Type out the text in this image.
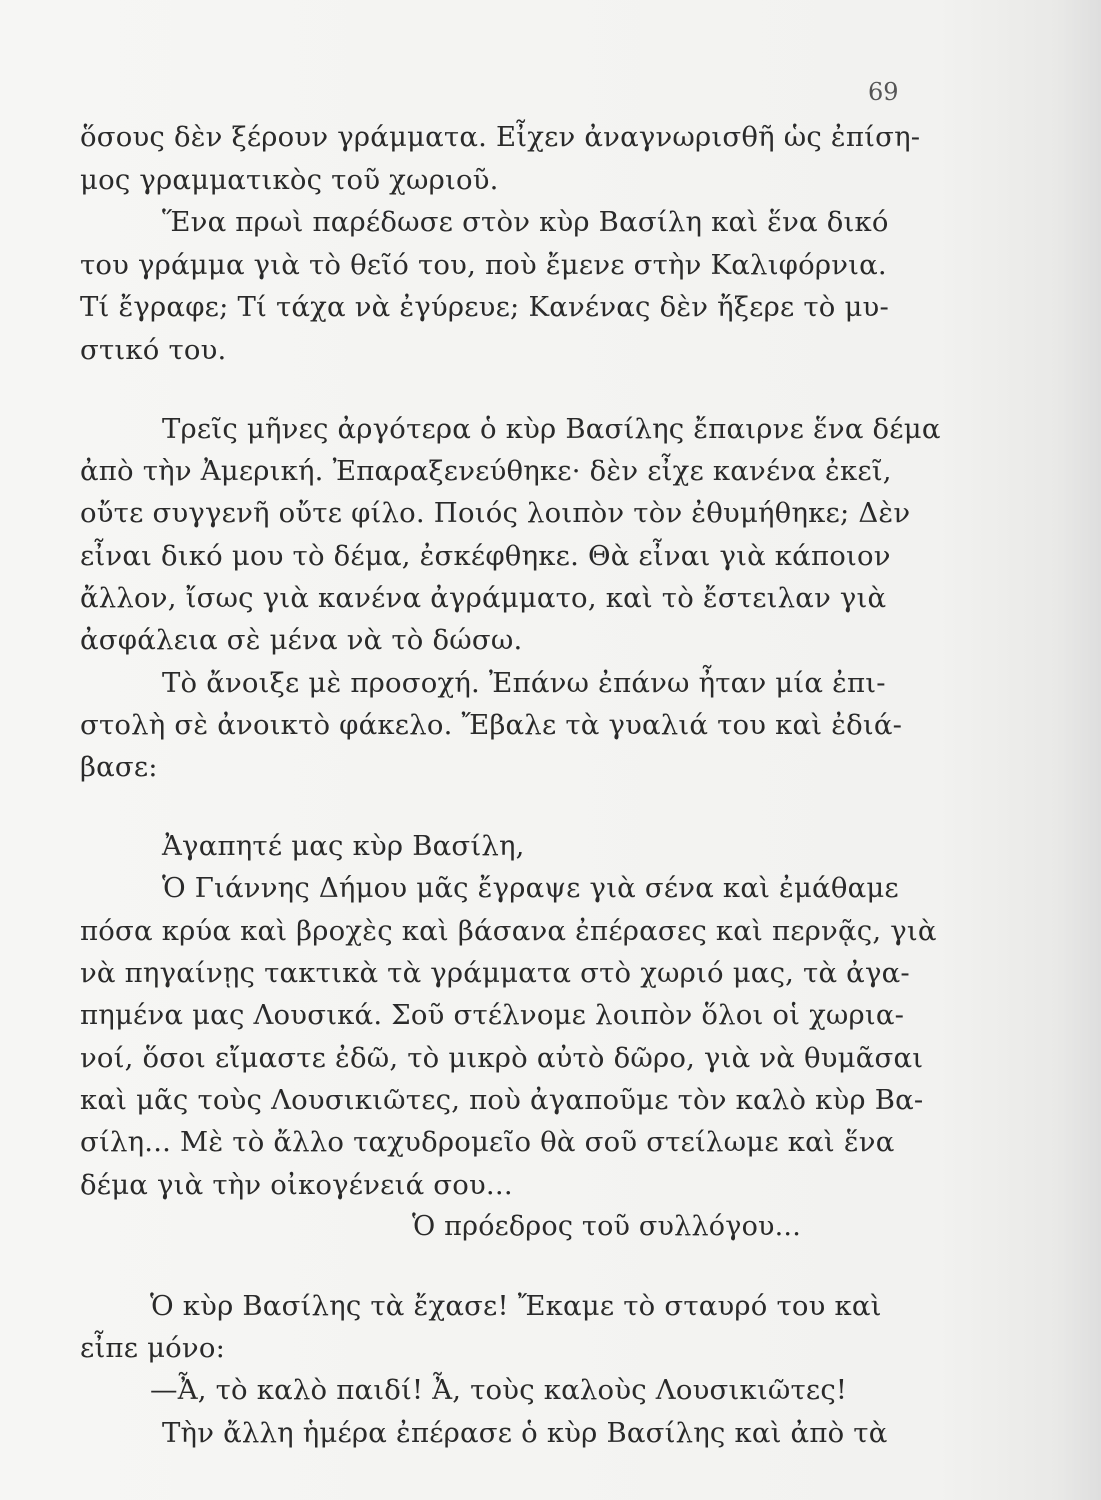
69

ὅσους δὲν ξέρουν γράμματα. Εἶχεν ἀναγνωρισθῆ ὡς ἐπίση-

μος γραμματικὸς τοῦ χωριοῦ.

Ἕνα πρωὶ παρέδωσε στὸν κὺρ Βασίλη καὶ ἕνα δικό

του γράμμα γιὰ τὸ θεῖό του, ποὺ ἔμενε στὴν Καλιφόρνια.

Τί ἔγραφε; Τί τάχα νὰ ἐγύρευε; Κανένας δὲν ἤξερε τὸ μυ-

στικό του.

Τρεῖς μῆνες ἀργότερα ὁ κὺρ Βασίλης ἔπαιρνε ἕνα δέμα

ἀπὸ τὴν Ἀμερική. Ἐπαραξενεύθηκε· δὲν εἶχε κανένα ἐκεῖ,

οὔτε συγγενῆ οὔτε φίλο. Ποιός λοιπὸν τὸν ἐθυμήθηκε; Δὲν

εἶναι δικό μου τὸ δέμα, ἐσκέφθηκε. Θὰ εἶναι γιὰ κάποιον

ἄλλον, ἴσως γιὰ κανένα ἀγράμματο, καὶ τὸ ἔστειλαν γιὰ

ἀσφάλεια σὲ μένα νὰ τὸ δώσω.

Τὸ ἄνοιξε μὲ προσοχή. Ἐπάνω ἐπάνω ἦταν μία ἐπι-

στολὴ σὲ ἀνοικτὸ φάκελο. Ἔβαλε τὰ γυαλιά του καὶ ἐδιά-

βασε:

Ἀγαπητέ μας κὺρ Βασίλη,

Ὁ Γιάννης Δήμου μᾶς ἔγραψε γιὰ σένα καὶ ἐμάθαμε

πόσα κρύα καὶ βροχὲς καὶ βάσανα ἐπέρασες καὶ περνᾷς, γιὰ

νὰ πηγαίνῃς τακτικὰ τὰ γράμματα στὸ χωριό μας, τὰ ἀγα-

πημένα μας Λουσικά. Σοῦ στέλνομε λοιπὸν ὅλοι οἱ χωρια-

νοί, ὅσοι εἴμαστε ἐδῶ, τὸ μικρὸ αὐτὸ δῶρο, γιὰ νὰ θυμᾶσαι

καὶ μᾶς τοὺς Λουσικιῶτες, ποὺ ἀγαποῦμε τὸν καλὸ κὺρ Βα-

σίλη... Μὲ τὸ ἄλλο ταχυδρομεῖο θὰ σοῦ στείλωμε καὶ ἕνα

δέμα γιὰ τὴν οἰκογένειά σου...

Ὁ πρόεδρος τοῦ συλλόγου...

Ὁ κὺρ Βασίλης τὰ ἔχασε! Ἔκαμε τὸ σταυρό του καὶ

εἶπε μόνο:

—Ἆ, τὸ καλὸ παιδί! Ἆ, τοὺς καλοὺς Λουσικιῶτες!

Τὴν ἄλλη ἡμέρα ἐπέρασε ὁ κὺρ Βασίλης καὶ ἀπὸ τὰ
